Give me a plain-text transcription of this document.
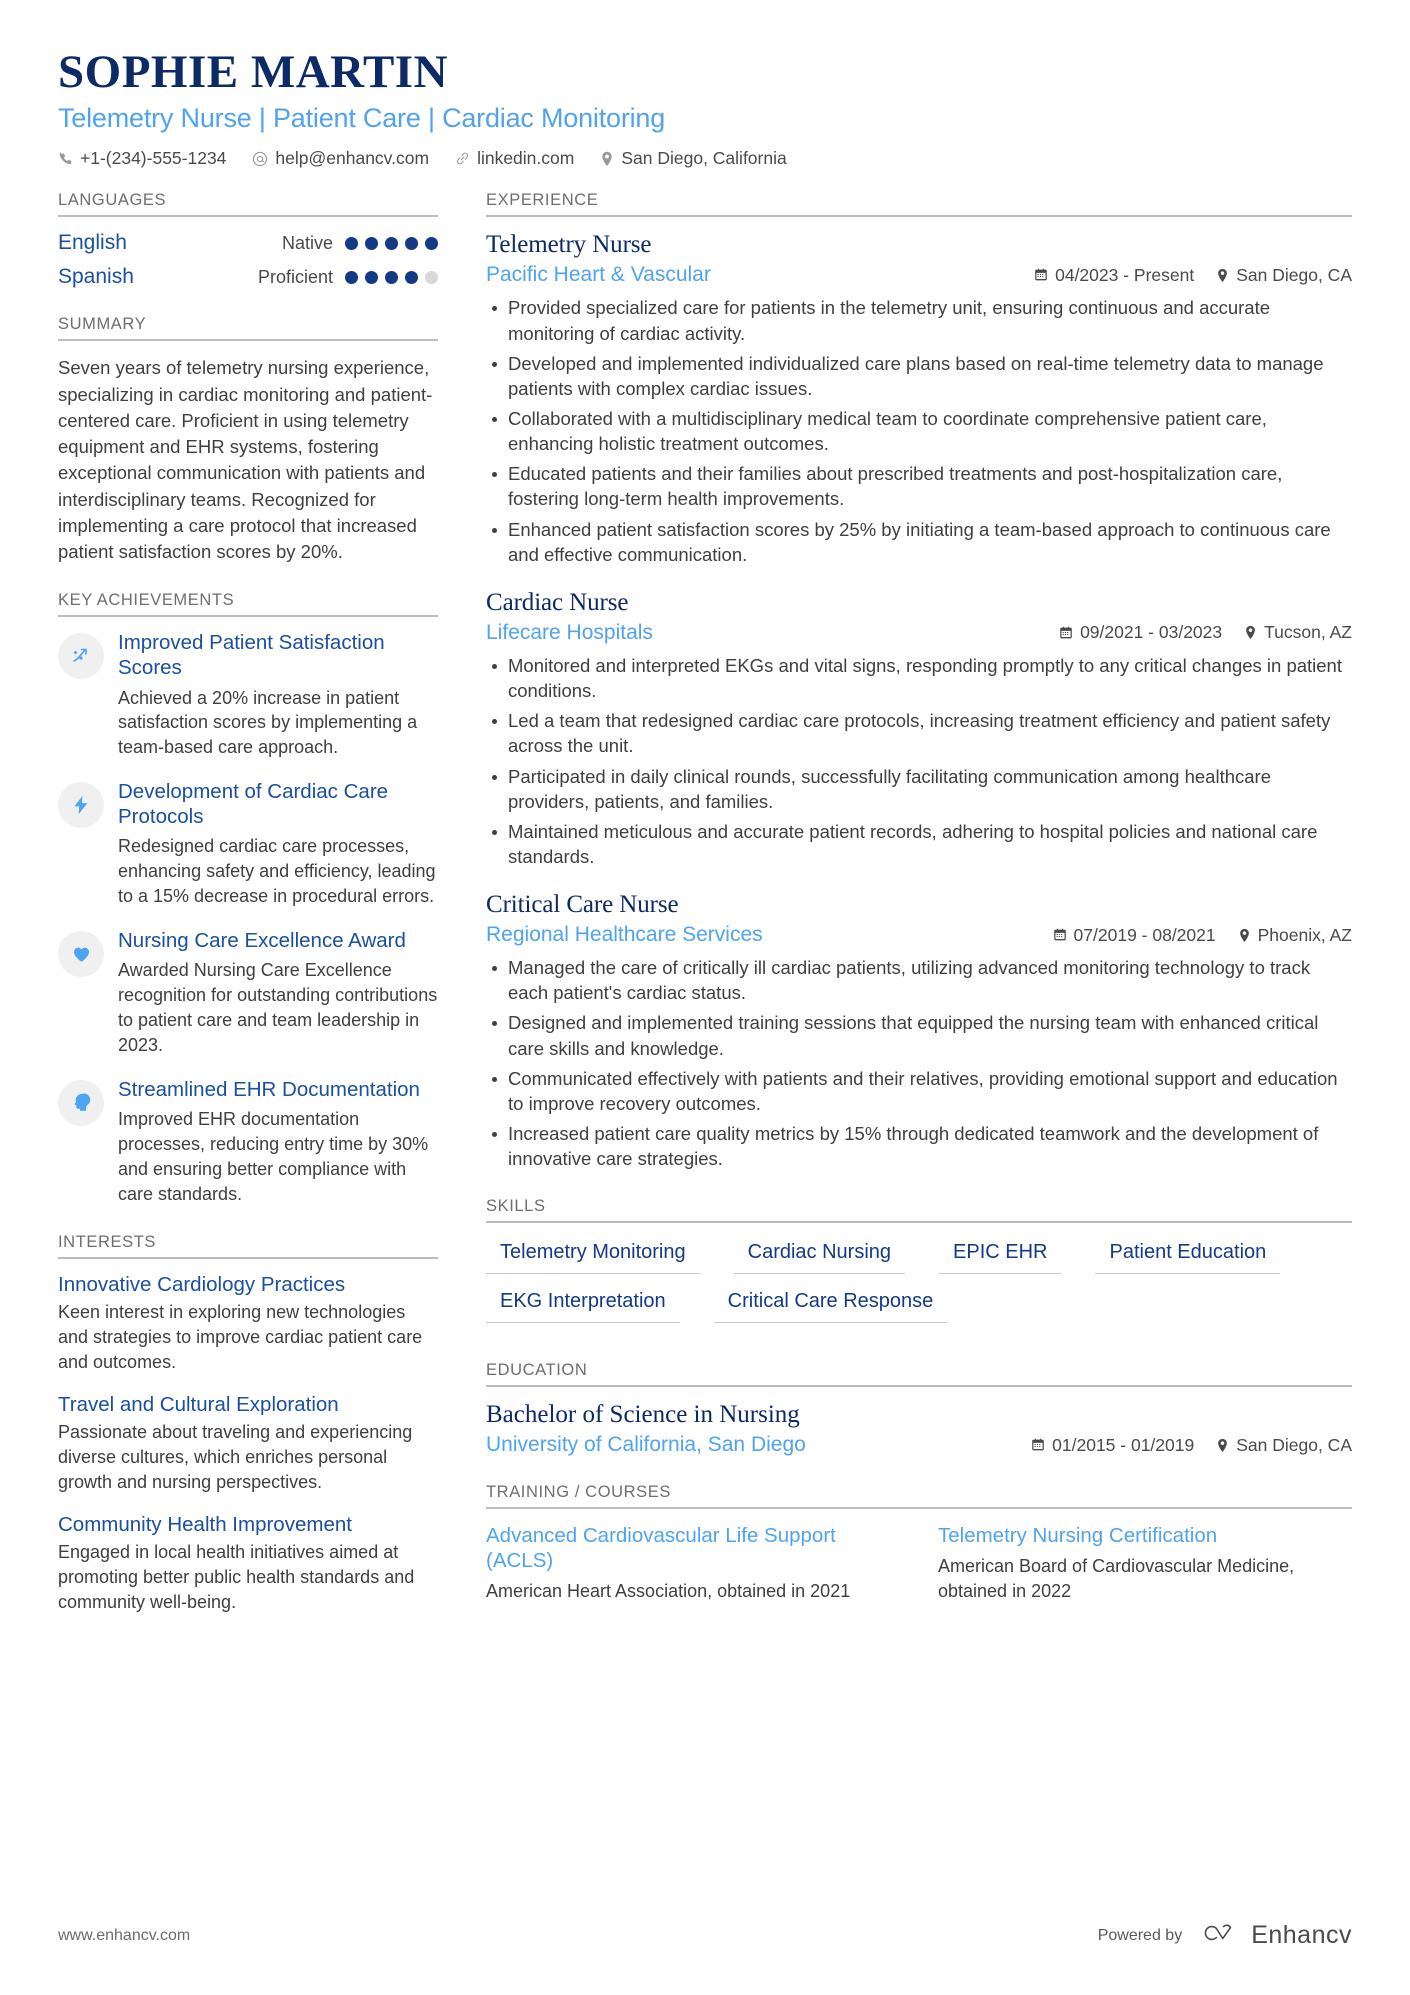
SOPHIE MARTIN
Telemetry Nurse | Patient Care | Cardiac Monitoring
+1-(234)-555-1234	help@enhancv.com	linkedin.com	San Diego, California
LANGUAGES
English	Native
Spanish	Proficient
SUMMARY
Seven years of telemetry nursing experience, specializing in cardiac monitoring and patient-centered care. Proficient in using telemetry equipment and EHR systems, fostering exceptional communication with patients and interdisciplinary teams. Recognized for implementing a care protocol that increased patient satisfaction scores by 20%.
KEY ACHIEVEMENTS
Improved Patient Satisfaction Scores
Achieved a 20% increase in patient satisfaction scores by implementing a team-based care approach.
Development of Cardiac Care Protocols
Redesigned cardiac care processes, enhancing safety and efficiency, leading to a 15% decrease in procedural errors.
Nursing Care Excellence Award
Awarded Nursing Care Excellence recognition for outstanding contributions to patient care and team leadership in 2023.
Streamlined EHR Documentation
Improved EHR documentation processes, reducing entry time by 30% and ensuring better compliance with care standards.
INTERESTS
Innovative Cardiology Practices
Keen interest in exploring new technologies and strategies to improve cardiac patient care and outcomes.
Travel and Cultural Exploration
Passionate about traveling and experiencing diverse cultures, which enriches personal growth and nursing perspectives.
Community Health Improvement
Engaged in local health initiatives aimed at promoting better public health standards and community well-being.
EXPERIENCE
Telemetry Nurse
Pacific Heart & Vascular	04/2023 - Present San Diego, CA
Provided specialized care for patients in the telemetry unit, ensuring continuous and accurate monitoring of cardiac activity.
Developed and implemented individualized care plans based on real-time telemetry data to manage patients with complex cardiac issues.
Collaborated with a multidisciplinary medical team to coordinate comprehensive patient care, enhancing holistic treatment outcomes.
Educated patients and their families about prescribed treatments and post-hospitalization care, fostering long-term health improvements.
Enhanced patient satisfaction scores by 25% by initiating a team-based approach to continuous care and effective communication.
Cardiac Nurse
Lifecare Hospitals	09/2021 - 03/2023 Tucson, AZ
Monitored and interpreted EKGs and vital signs, responding promptly to any critical changes in patient conditions.
Led a team that redesigned cardiac care protocols, increasing treatment efficiency and patient safety across the unit.
Participated in daily clinical rounds, successfully facilitating communication among healthcare providers, patients, and families.
Maintained meticulous and accurate patient records, adhering to hospital policies and national care standards.
Critical Care Nurse
Regional Healthcare Services	07/2019 - 08/2021 Phoenix, AZ
Managed the care of critically ill cardiac patients, utilizing advanced monitoring technology to track each patient's cardiac status.
Designed and implemented training sessions that equipped the nursing team with enhanced critical care skills and knowledge.
Communicated effectively with patients and their relatives, providing emotional support and education to improve recovery outcomes.
Increased patient care quality metrics by 15% through dedicated teamwork and the development of innovative care strategies.
SKILLS
Telemetry Monitoring	Cardiac Nursing	EPIC EHR	Patient Education
EKG Interpretation	Critical Care Response
EDUCATION
Bachelor of Science in Nursing
University of California, San Diego	01/2015 - 01/2019 San Diego, CA
TRAINING / COURSES
Advanced Cardiovascular Life Support (ACLS)
American Heart Association, obtained in 2021
Telemetry Nursing Certification
American Board of Cardiovascular Medicine, obtained in 2022
www.enhancv.com	Powered by	Enhancv
